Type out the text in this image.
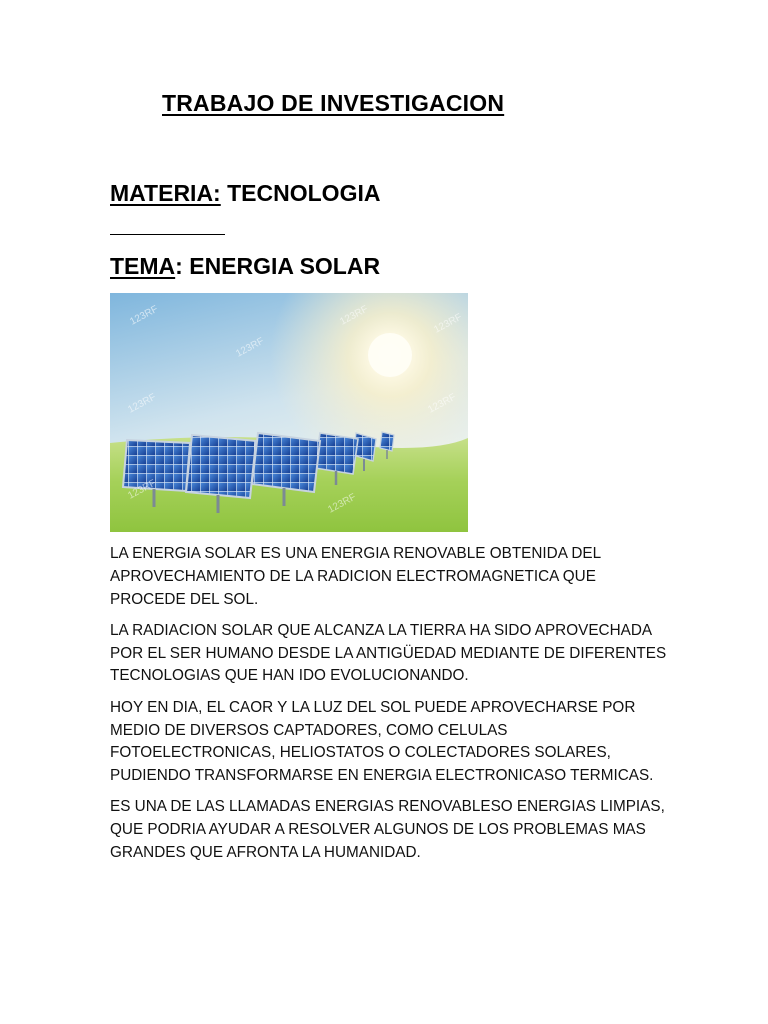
TRABAJO DE INVESTIGACION
MATERIA: TECNOLOGIA
TEMA: ENERGIA SOLAR
123RF
123RF
123RF	123RF
123RF	123RF
123RF
123RF

LA ENERGIA SOLAR ES UNA ENERGIA RENOVABLE OBTENIDA DEL APROVECHAMIENTO DE LA RADICION ELECTROMAGNETICA QUE PROCEDE DEL SOL.

LA RADIACION SOLAR QUE ALCANZA LA TIERRA HA SIDO APROVECHADA POR EL SER HUMANO DESDE LA ANTIGÜEDAD MEDIANTE DE DIFERENTES TECNOLOGIAS QUE HAN IDO EVOLUCIONANDO.

HOY EN DIA, EL CAOR Y LA LUZ DEL SOL PUEDE APROVECHARSE POR MEDIO DE DIVERSOS CAPTADORES, COMO CELULAS FOTOELECTRONICAS, HELIOSTATOS O COLECTADORES SOLARES, PUDIENDO TRANSFORMARSE EN ENERGIA ELECTRONICASO TERMICAS.

ES UNA DE LAS LLAMADAS ENERGIAS RENOVABLESO ENERGIAS LIMPIAS, QUE PODRIA AYUDAR A RESOLVER ALGUNOS DE LOS PROBLEMAS MAS GRANDES QUE AFRONTA LA HUMANIDAD.
